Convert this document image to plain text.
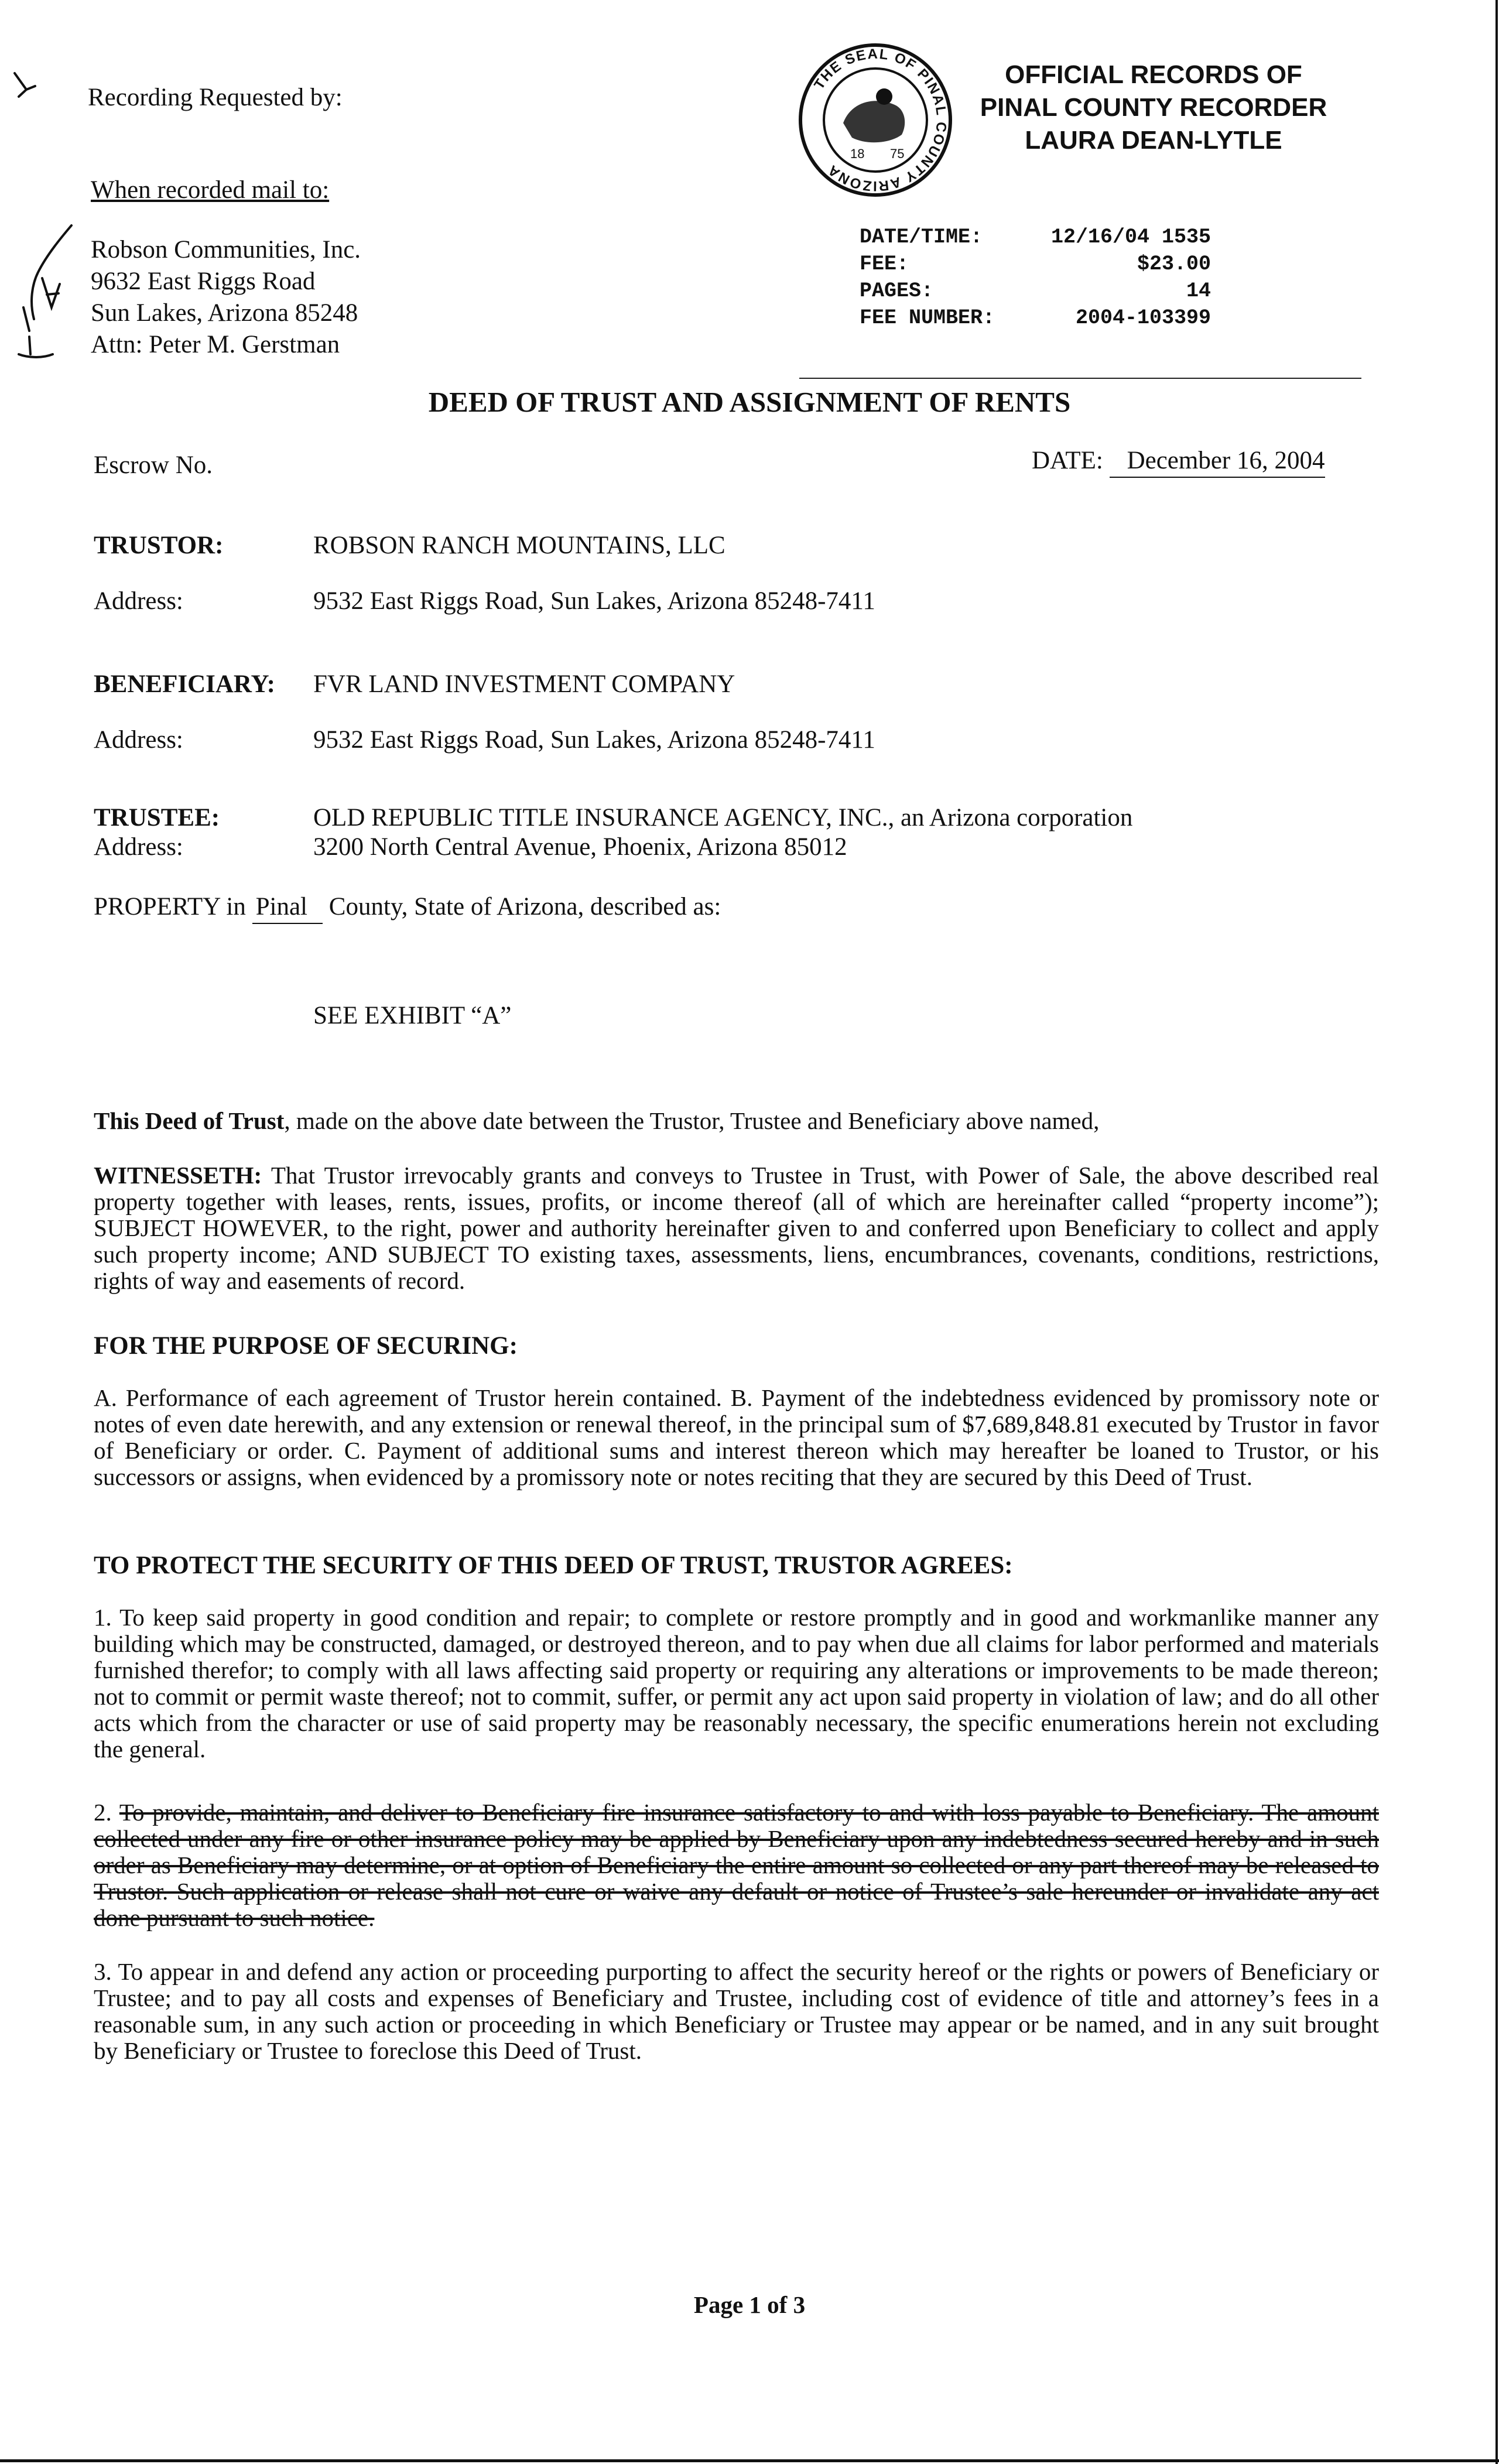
Recording Requested by:
When recorded mail to:
Robson Communities, Inc.
9632 East Riggs Road
Sun Lakes, Arizona 85248
Attn: Peter M. Gerstman
THE SEAL OF PINAL COUNTY ARIZONA
18 75
OFFICIAL RECORDS OF
PINAL COUNTY RECORDER
LAURA DEAN-LYTLE
DATE/TIME:	12/16/04 1535
FEE:	$23.00
PAGES:	14
FEE NUMBER:	2004-103399
DEED OF TRUST AND ASSIGNMENT OF RENTS
Escrow No.	DATE: December 16, 2004
TRUSTOR:	ROBSON RANCH MOUNTAINS, LLC
Address:	9532 East Riggs Road, Sun Lakes, Arizona 85248-7411
BENEFICIARY:	FVR LAND INVESTMENT COMPANY
Address:	9532 East Riggs Road, Sun Lakes, Arizona 85248-7411
TRUSTEE:	OLD REPUBLIC TITLE INSURANCE AGENCY, INC., an Arizona corporation
Address:	3200 North Central Avenue, Phoenix, Arizona 85012
PROPERTY in Pinal County, State of Arizona, described as:
SEE EXHIBIT “A”
This Deed of Trust, made on the above date between the Trustor, Trustee and Beneficiary above named,
WITNESSETH: That Trustor irrevocably grants and conveys to Trustee in Trust, with Power of Sale, the above described real property together with leases, rents, issues, profits, or income thereof (all of which are hereinafter called “property income”); SUBJECT HOWEVER, to the right, power and authority hereinafter given to and conferred upon Beneficiary to collect and apply such property income; AND SUBJECT TO existing taxes, assessments, liens, encumbrances, covenants, conditions, restrictions, rights of way and easements of record.
FOR THE PURPOSE OF SECURING:
A. Performance of each agreement of Trustor herein contained. B. Payment of the indebtedness evidenced by promissory note or notes of even date herewith, and any extension or renewal thereof, in the principal sum of $7,689,848.81 executed by Trustor in favor of Beneficiary or order. C. Payment of additional sums and interest thereon which may hereafter be loaned to Trustor, or his successors or assigns, when evidenced by a promissory note or notes reciting that they are secured by this Deed of Trust.
TO PROTECT THE SECURITY OF THIS DEED OF TRUST, TRUSTOR AGREES:
1. To keep said property in good condition and repair; to complete or restore promptly and in good and workmanlike manner any building which may be constructed, damaged, or destroyed thereon, and to pay when due all claims for labor performed and materials furnished therefor; to comply with all laws affecting said property or requiring any alterations or improvements to be made thereon; not to commit or permit waste thereof; not to commit, suffer, or permit any act upon said property in violation of law; and do all other acts which from the character or use of said property may be reasonably necessary, the specific enumerations herein not excluding the general.
2. To provide, maintain, and deliver to Beneficiary fire insurance satisfactory to and with loss payable to Beneficiary. The amount collected under any fire or other insurance policy may be applied by Beneficiary upon any indebtedness secured hereby and in such order as Beneficiary may determine, or at option of Beneficiary the entire amount so collected or any part thereof may be released to Trustor. Such application or release shall not cure or waive any default or notice of Trustee’s sale hereunder or invalidate any act done pursuant to such notice.
3. To appear in and defend any action or proceeding purporting to affect the security hereof or the rights or powers of Beneficiary or Trustee; and to pay all costs and expenses of Beneficiary and Trustee, including cost of evidence of title and attorney’s fees in a reasonable sum, in any such action or proceeding in which Beneficiary or Trustee may appear or be named, and in any suit brought by Beneficiary or Trustee to foreclose this Deed of Trust.
Page 1 of 3
